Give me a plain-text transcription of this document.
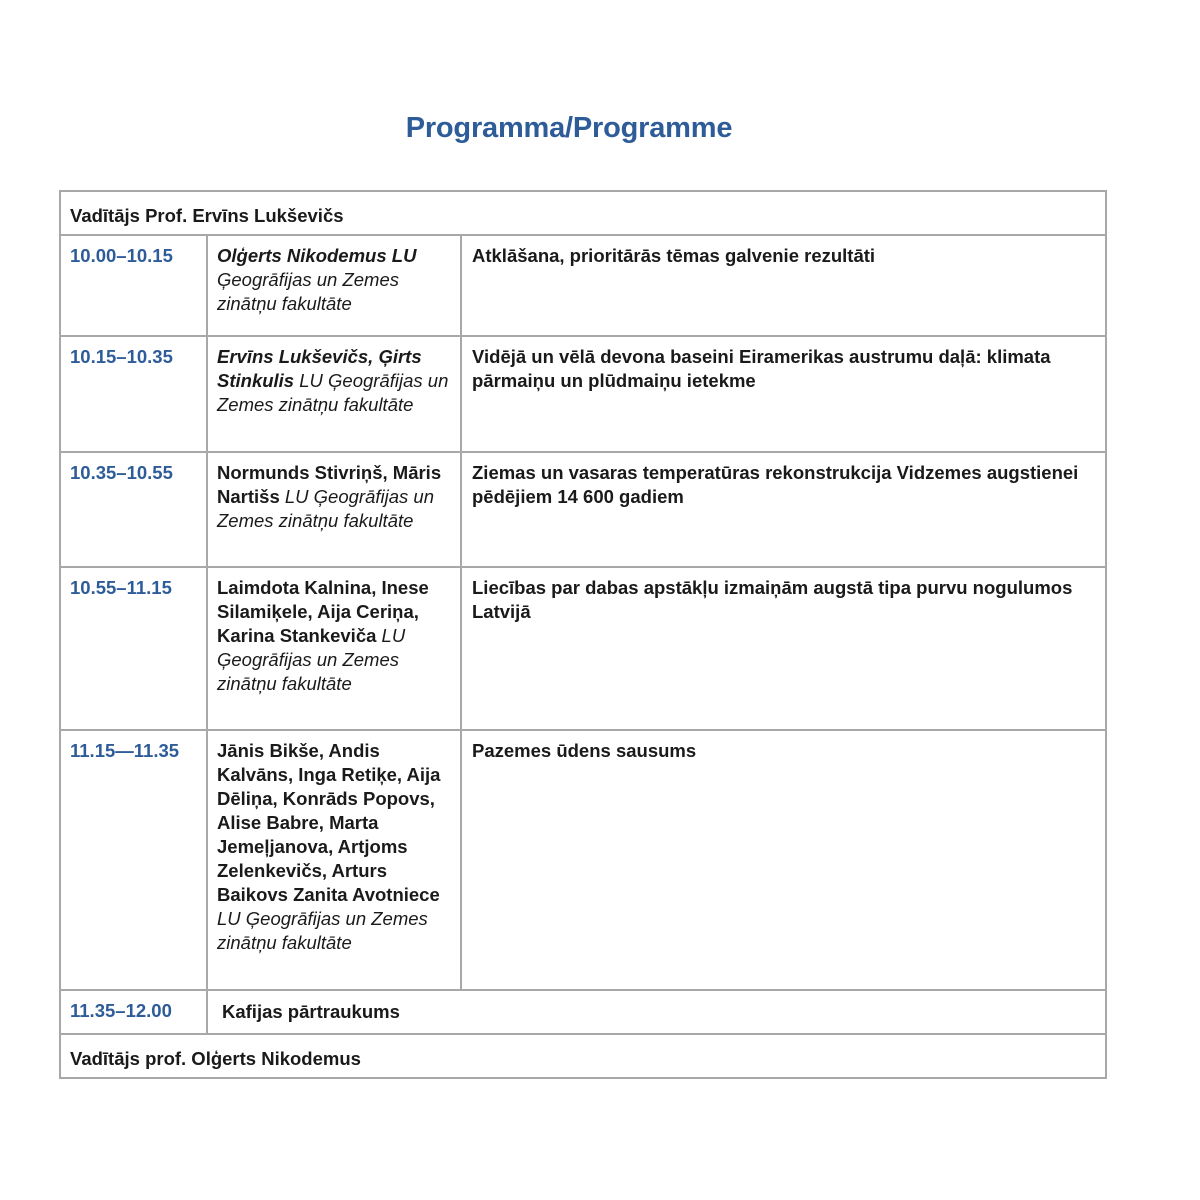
Programma/Programme
Vadītājs Prof. Ervīns Lukševičs		
10.00–10.15	Olģerts Nikodemus LU Ģeogrāfijas un Zemes zinātņu fakultāte	Atklāšana, prioritārās tēmas galvenie rezultāti
10.15–10.35	Ervīns Lukševičs, Ģirts Stinkulis LU Ģeogrāfijas un Zemes zinātņu fakultāte	Vidējā un vēlā devona baseini Eiramerikas austrumu daļā: klimata pārmaiņu un plūdmaiņu ietekme
10.35–10.55	Normunds Stivriņš, Māris Nartišs LU Ģeogrāfijas un Zemes zinātņu fakultāte	Ziemas un vasaras temperatūras rekonstrukcija Vidzemes augstienei pēdējiem 14 600 gadiem
10.55–11.15	Laimdota Kalnina, Inese Silamiķele, Aija Ceriņa, Karina Stankeviča LU Ģeogrāfijas un Zemes zinātņu fakultāte	Liecības par dabas apstākļu izmaiņām augstā tipa purvu nogulumos Latvijā
11.15—11.35	Jānis Bikše, Andis Kalvāns, Inga Retiķe, Aija Dēliņa, Konrāds Popovs, Alise Babre, Marta Jemeļjanova, Artjoms Zelenkevičs, Arturs Baikovs Zanita Avotniece LU Ģeogrāfijas un Zemes zinātņu fakultāte	Pazemes ūdens sausums
11.35–12.00	Kafijas pārtraukums	
Vadītājs prof. Olģerts Nikodemus		
